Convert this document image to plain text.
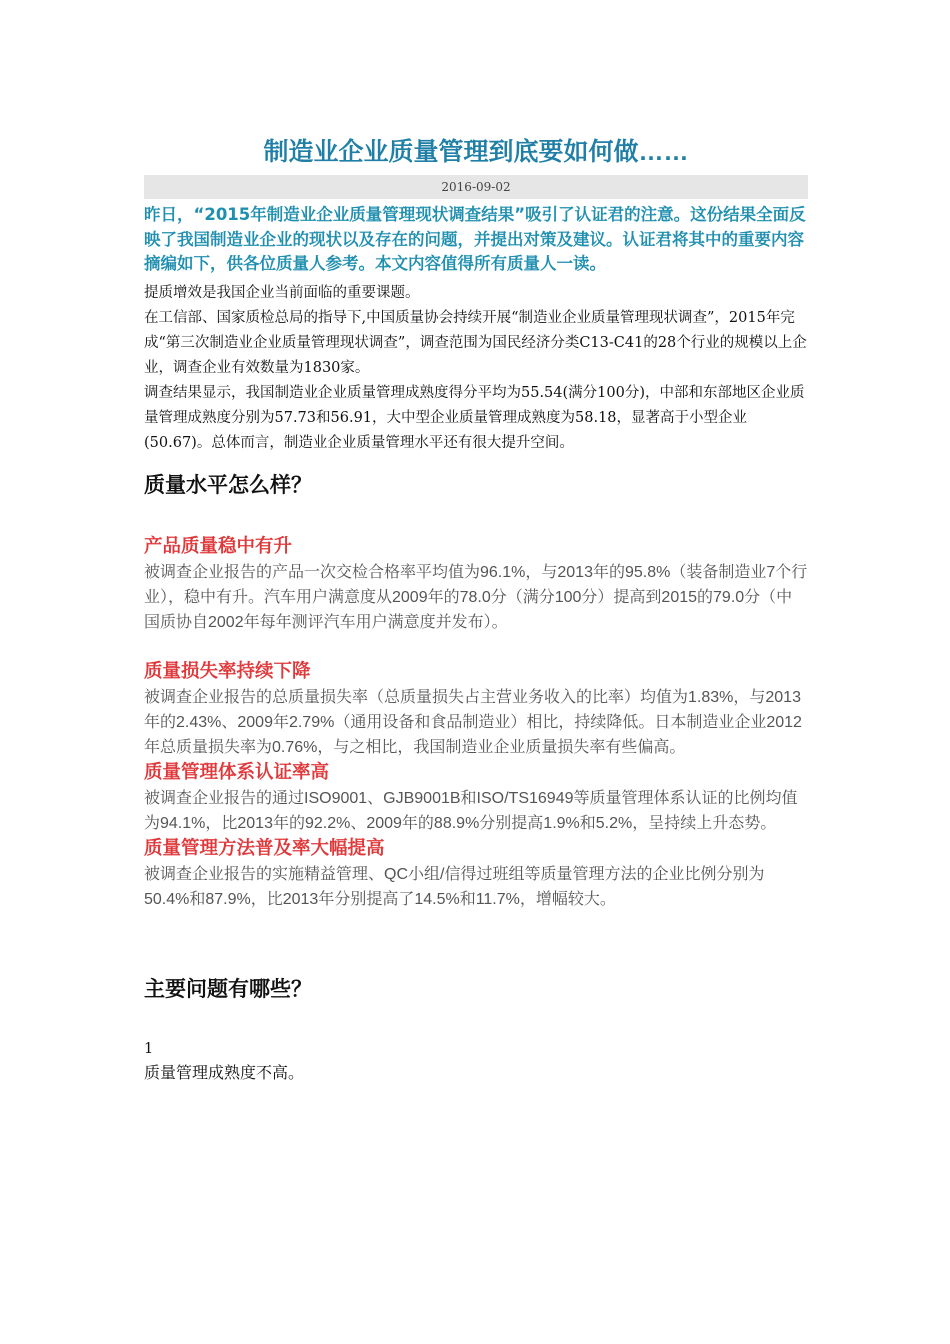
制造业企业质量管理到底要如何做……
2016-09-02

昨日，“2015年制造业企业质量管理现状调查结果”吸引了认证君的注意。这份结果全面反映了我国制造业企业的现状以及存在的问题，并提出对策及建议。认证君将其中的重要内容摘编如下，供各位质量人参考。本文内容值得所有质量人一读。

提质增效是我国企业当前面临的重要课题。

在工信部、国家质检总局的指导下,中国质量协会持续开展“制造业企业质量管理现状调查”，2015年完成“第三次制造业企业质量管理现状调查”，调查范围为国民经济分类C13-C41的28个行业的规模以上企业，调查企业有效数量为1830家。

调查结果显示，我国制造业企业质量管理成熟度得分平均为55.54(满分100分)，中部和东部地区企业质量管理成熟度分别为57.73和56.91，大中型企业质量管理成熟度为58.18，显著高于小型企业(50.67)。总体而言，制造业企业质量管理水平还有很大提升空间。

质量水平怎么样？
产品质量稳中有升

被调查企业报告的产品一次交检合格率平均值为96.1%，与2013年的95.8%（装备制造业7个行业），稳中有升。汽车用户满意度从2009年的78.0分（满分100分）提高到2015的79.0分（中国质协自2002年每年测评汽车用户满意度并发布）。

质量损失率持续下降

被调查企业报告的总质量损失率（总质量损失占主营业务收入的比率）均值为1.83%，与2013年的2.43%、2009年2.79%（通用设备和食品制造业）相比，持续降低。日本制造业企业2012年总质量损失率为0.76%，与之相比，我国制造业企业质量损失率有些偏高。

质量管理体系认证率高

被调查企业报告的通过ISO9001、GJB9001B和ISO/TS16949等质量管理体系认证的比例均值为94.1%，比2013年的92.2%、2009年的88.9%分别提高1.9%和5.2%，呈持续上升态势。

质量管理方法普及率大幅提高

被调查企业报告的实施精益管理、QC小组/信得过班组等质量管理方法的企业比例分别为50.4%和87.9%，比2013年分别提高了14.5%和11.7%，增幅较大。

主要问题有哪些？

1

质量管理成熟度不高。
